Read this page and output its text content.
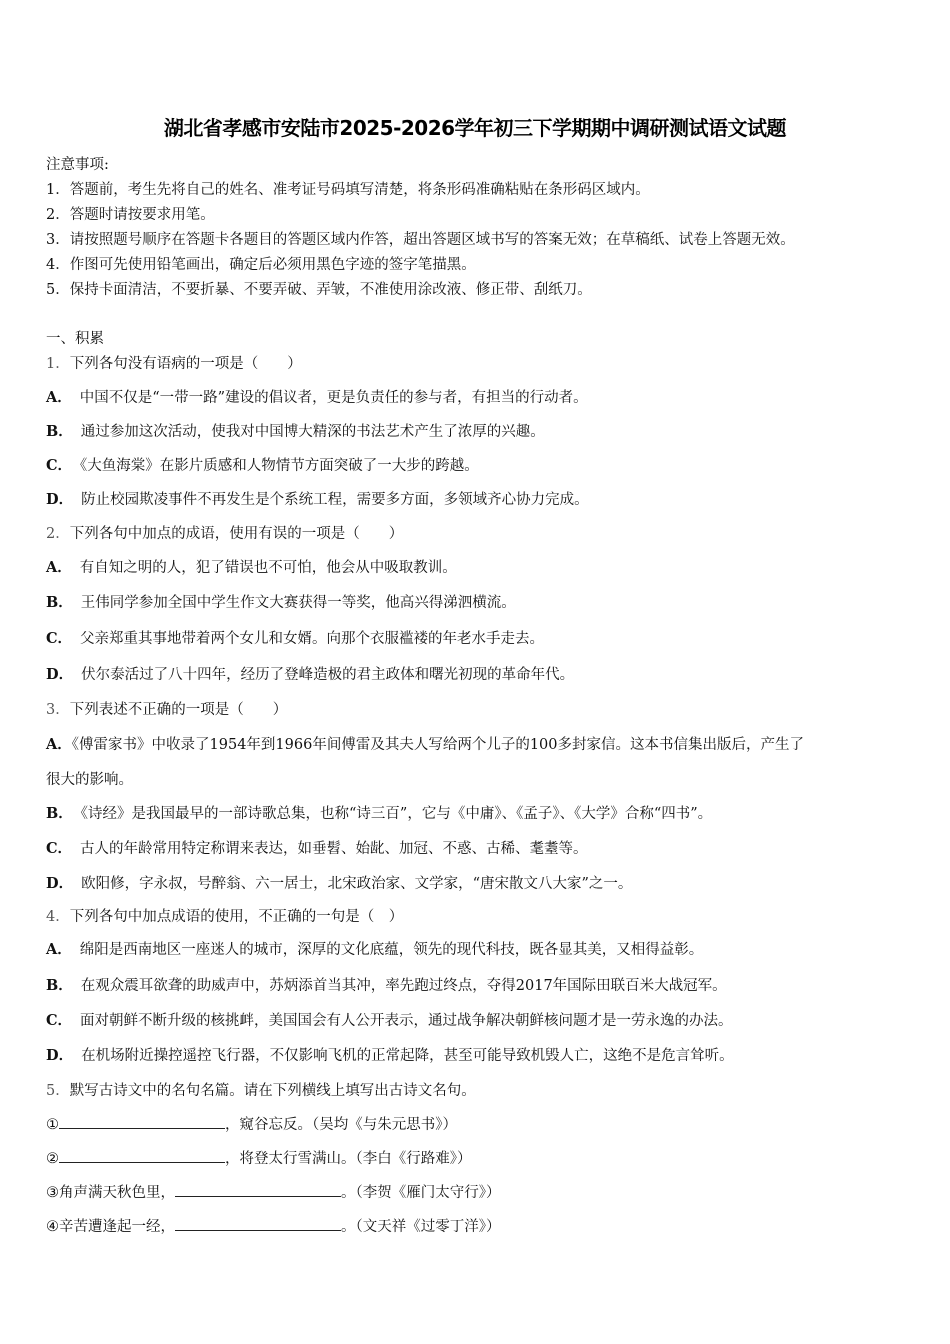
湖北省孝感市安陆市2025-2026学年初三下学期期中调研测试语文试题
注意事项:
1．答题前，考生先将自己的姓名、准考证号码填写清楚，将条形码准确粘贴在条形码区域内。
2．答题时请按要求用笔。
3．请按照题号顺序在答题卡各题目的答题区域内作答，超出答题区域书写的答案无效；在草稿纸、试卷上答题无效。
4．作图可先使用铅笔画出，确定后必须用黑色字迹的签字笔描黑。
5．保持卡面清洁，不要折暴、不要弄破、弄皱，不准使用涂改液、修正带、刮纸刀。
一、积累
1．下列各句没有语病的一项是（　　）
A． 中国不仅是“一带一路”建设的倡议者，更是负责任的参与者，有担当的行动者。
B． 通过参加这次活动，使我对中国博大精深的书法艺术产生了浓厚的兴趣。
C． 《大鱼海棠》在影片质感和人物情节方面突破了一大步的跨越。
D． 防止校园欺凌事件不再发生是个系统工程，需要多方面，多领域齐心协力完成。
2．下列各句中加点的成语，使用有误的一项是（　　）
A． 有自知之明的人，犯了错误也不可怕，他会从中吸取教训。
B． 王伟同学参加全国中学生作文大赛获得一等奖，他高兴得涕泗横流。
C． 父亲郑重其事地带着两个女儿和女婿。向那个衣服褴褛的年老水手走去。
D． 伏尔泰活过了八十四年，经历了登峰造极的君主政体和曙光初现的革命年代。
3．下列表述不正确的一项是（　　）
A．《傅雷家书》中收录了1954年到1966年间傅雷及其夫人写给两个儿子的100多封家信。这本书信集出版后，产生了
很大的影响。
B． 《诗经》是我国最早的一部诗歌总集，也称“诗三百”，它与《中庸》、《孟子》、《大学》合称“四书”。
C． 古人的年龄常用特定称谓来表达，如垂髫、始龀、加冠、不惑、古稀、耄耋等。
D． 欧阳修，字永叔，号醉翁、六一居士，北宋政治家、文学家，“唐宋散文八大家”之一。
4．下列各句中加点成语的使用，不正确的一句是（　）
A． 绵阳是西南地区一座迷人的城市，深厚的文化底蕴，领先的现代科技，既各显其美，又相得益彰。
B． 在观众震耳欲聋的助威声中，苏炳添首当其冲，率先跑过终点，夺得2017年国际田联百米大战冠军。
C． 面对朝鲜不断升级的核挑衅，美国国会有人公开表示，通过战争解决朝鲜核问题才是一劳永逸的办法。
D． 在机场附近操控遥控飞行器，不仅影响飞机的正常起降，甚至可能导致机毁人亡，这绝不是危言耸听。
5．默写古诗文中的名句名篇。请在下列横线上填写出古诗文名句。
①	，窥谷忘反。（吴均《与朱元思书》）
②	，将登太行雪满山。（李白《行路难》）
③角声满天秋色里，	。（李贺《雁门太守行》）
④辛苦遭逢起一经，	。（文天祥《过零丁洋》）
